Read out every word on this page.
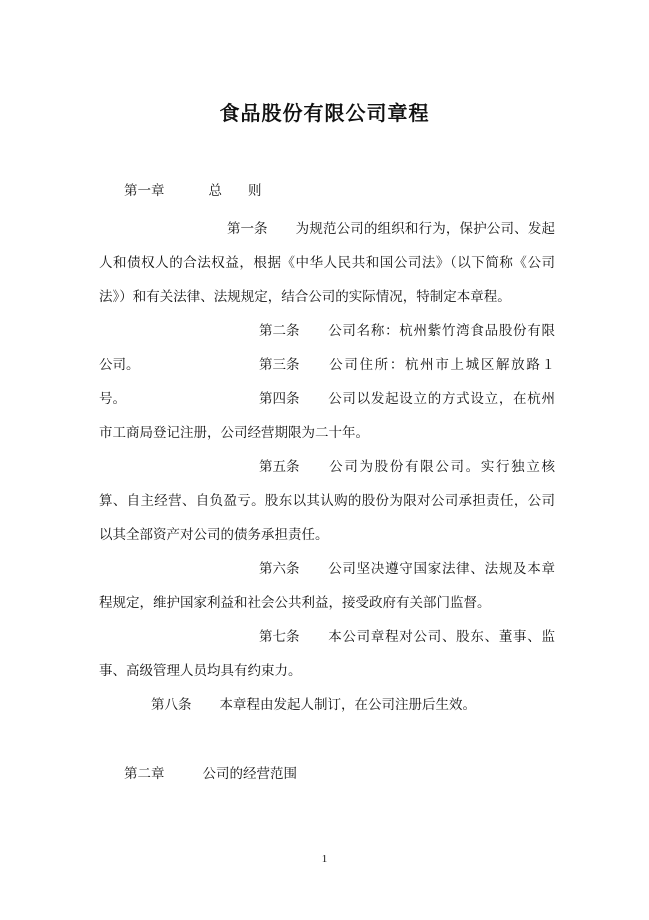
食品股份有限公司章程
第一章	总 则
第一条 为规范公司的组织和行为，保护公司、发起人和债权人的合法权益，根据《中华人民共和国公司法》（以下简称《公司法》）和有关法律、法规规定，结合公司的实际情况，特制定本章程。
第二条 公司名称：杭州紫竹湾食品股份有限公司。	第三条 公司住所：杭州市上城区解放路１号。	第四条 公司以发起设立的方式设立，在杭州市工商局登记注册，公司经营期限为二十年。
第五条 公司为股份有限公司。实行独立核算、自主经营、自负盈亏。股东以其认购的股份为限对公司承担责任，公司以其全部资产对公司的债务承担责任。
第六条 公司坚决遵守国家法律、法规及本章程规定，维护国家利益和社会公共利益，接受政府有关部门监督。
第七条 本公司章程对公司、股东、董事、监事、高级管理人员均具有约束力。
第八条 本章程由发起人制订，在公司注册后生效。
第二章	公司的经营范围
1
